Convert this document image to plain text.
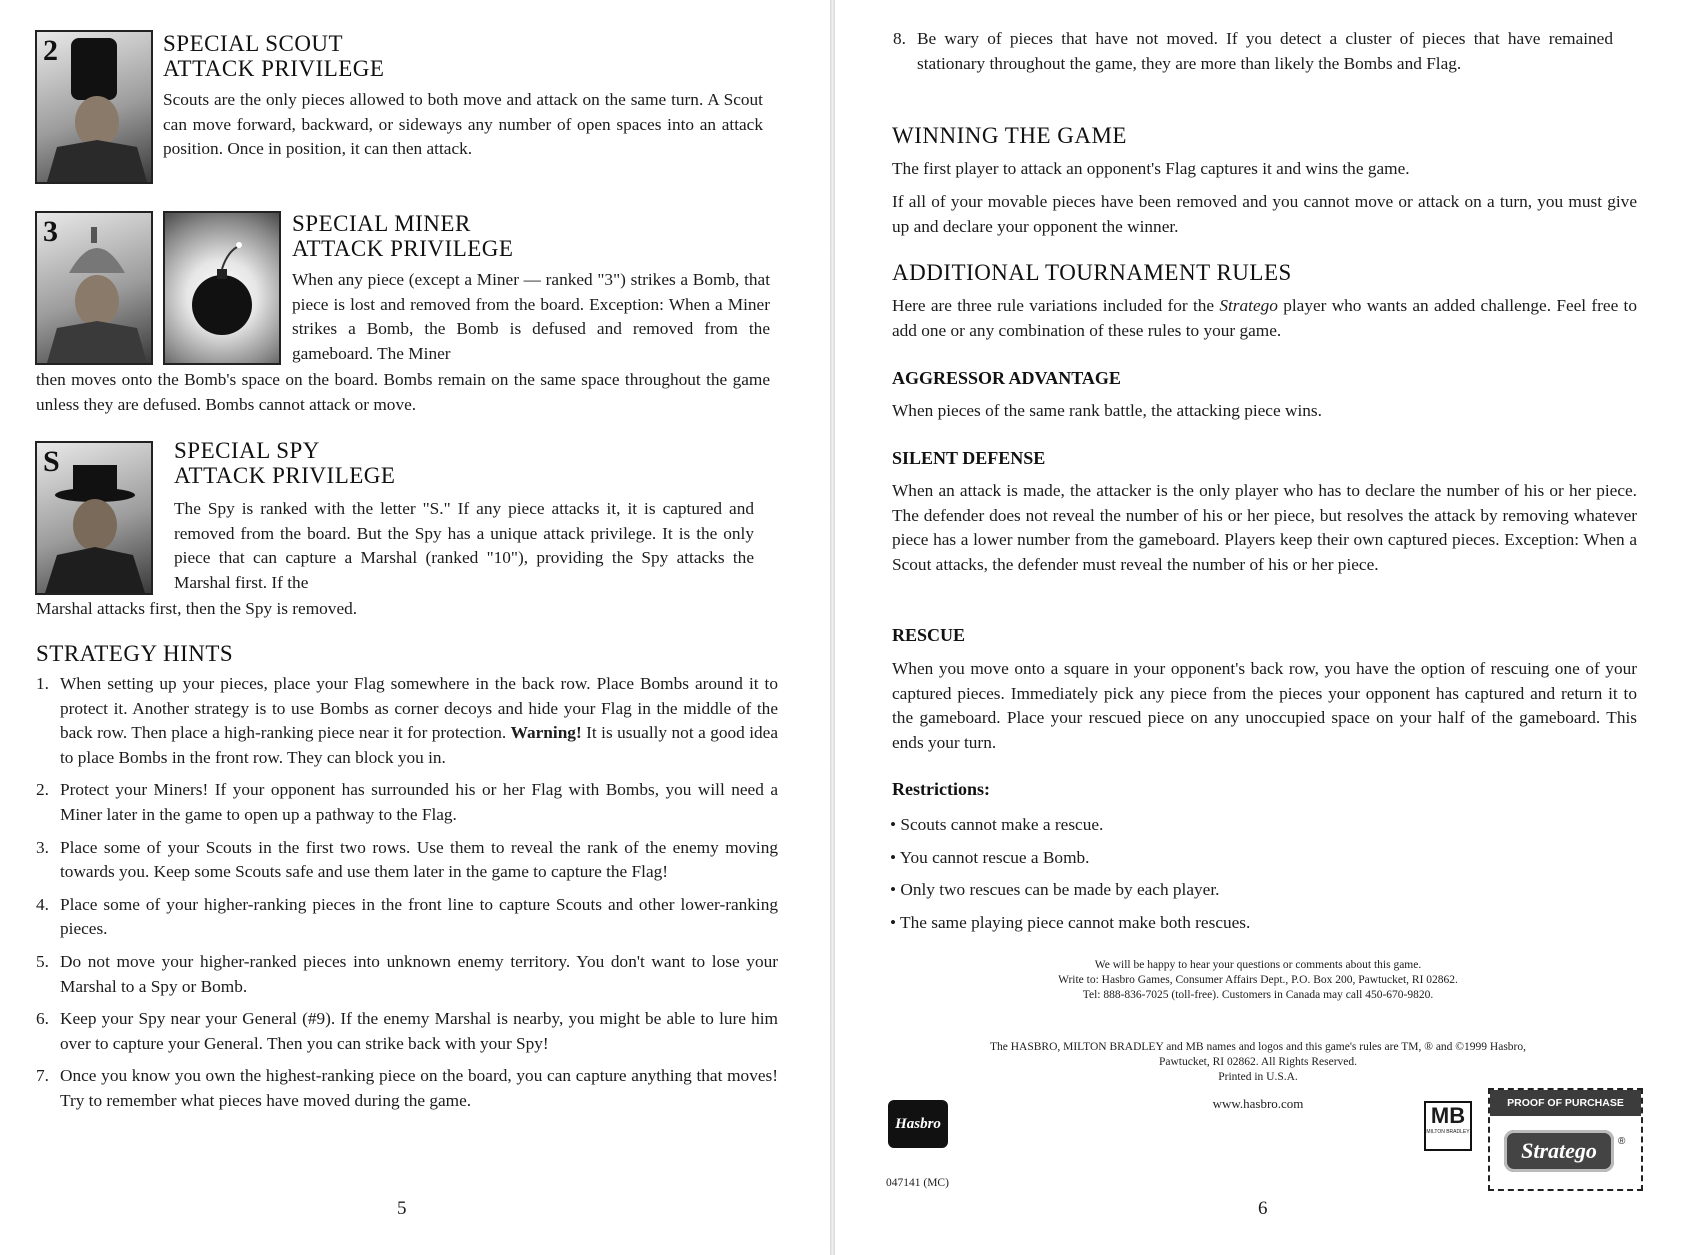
2	SPECIAL SCOUT
ATTACK PRIVILEGE
Scouts are the only pieces allowed to both move and attack on the same turn. A Scout can move forward, backward, or sideways any number of open spaces into an attack position. Once in position, it can then attack.
3	SPECIAL MINER
ATTACK PRIVILEGE
When any piece (except a Miner — ranked "3") strikes a Bomb, that piece is lost and removed from the board. Exception: When a Miner strikes a Bomb, the Bomb is defused and removed from the gameboard. The Miner
then moves onto the Bomb's space on the board. Bombs remain on the same space throughout the game unless they are defused. Bombs cannot attack or move.
S	SPECIAL SPY
ATTACK PRIVILEGE
The Spy is ranked with the letter "S." If any piece attacks it, it is captured and removed from the board. But the Spy has a unique attack privilege. It is the only piece that can capture a Marshal (ranked "10"), providing the Spy attacks the Marshal first. If the
Marshal attacks first, then the Spy is removed.
STRATEGY HINTS
1. When setting up your pieces, place your Flag somewhere in the back row. Place Bombs around it to protect it. Another strategy is to use Bombs as corner decoys and hide your Flag in the middle of the back row. Then place a high-ranking piece near it for protection. Warning! It is usually not a good idea to place Bombs in the front row. They can block you in.
2. Protect your Miners! If your opponent has surrounded his or her Flag with Bombs, you will need a Miner later in the game to open up a pathway to the Flag.
3. Place some of your Scouts in the first two rows. Use them to reveal the rank of the enemy moving towards you. Keep some Scouts safe and use them later in the game to capture the Flag!
4. Place some of your higher-ranking pieces in the front line to capture Scouts and other lower-ranking pieces.
5. Do not move your higher-ranked pieces into unknown enemy territory. You don't want to lose your Marshal to a Spy or Bomb.
6. Keep your Spy near your General (#9). If the enemy Marshal is nearby, you might be able to lure him over to capture your General. Then you can strike back with your Spy!
7. Once you know you own the highest-ranking piece on the board, you can capture anything that moves! Try to remember what pieces have moved during the game.
5
8. Be wary of pieces that have not moved. If you detect a cluster of pieces that have remained stationary throughout the game, they are more than likely the Bombs and Flag.
WINNING THE GAME
The first player to attack an opponent's Flag captures it and wins the game.
If all of your movable pieces have been removed and you cannot move or attack on a turn, you must give up and declare your opponent the winner.
ADDITIONAL TOURNAMENT RULES
Here are three rule variations included for the Stratego player who wants an added challenge. Feel free to add one or any combination of these rules to your game.
AGGRESSOR ADVANTAGE
When pieces of the same rank battle, the attacking piece wins.
SILENT DEFENSE
When an attack is made, the attacker is the only player who has to declare the number of his or her piece. The defender does not reveal the number of his or her piece, but resolves the attack by removing whatever piece has a lower number from the gameboard. Players keep their own captured pieces. Exception: When a Scout attacks, the defender must reveal the number of his or her piece.
RESCUE
When you move onto a square in your opponent's back row, you have the option of rescuing one of your captured pieces. Immediately pick any piece from the pieces your opponent has captured and return it to the gameboard. Place your rescued piece on any unoccupied space on your half of the gameboard. This ends your turn.
Restrictions:
• Scouts cannot make a rescue.
• You cannot rescue a Bomb.
• Only two rescues can be made by each player.
• The same playing piece cannot make both rescues.
We will be happy to hear your questions or comments about this game.
Write to: Hasbro Games, Consumer Affairs Dept., P.O. Box 200, Pawtucket, RI 02862.
Tel: 888-836-7025 (toll-free). Customers in Canada may call 450-670-9820.
The HASBRO, MILTON BRADLEY and MB names and logos and this game's rules are TM, ® and ©1999 Hasbro,
Pawtucket, RI 02862. All Rights Reserved.
Printed in U.S.A.
www.hasbro.com
Hasbro
047141 (MC)
MB
MILTON BRADLEY
PROOF OF PURCHASE
Stratego	®
6
